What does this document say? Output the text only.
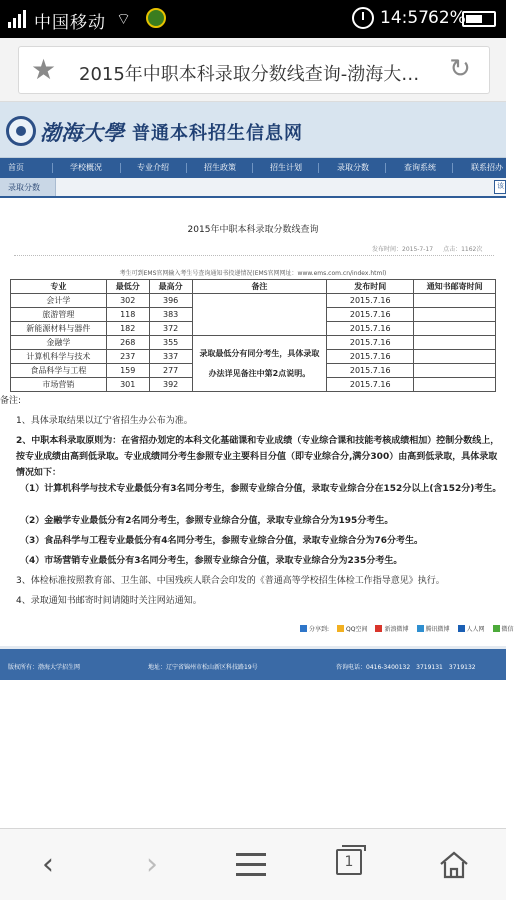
中国移动 ⌔	14:57 62%
★ 2015年中职本科录取分数线查询-渤海大…	↻
渤海大學 普通本科招生信息网
首页	学校概况	专业介绍	招生政策	招生计划	录取分数	查询系统	联系招办
录取分数	该
2015年中职本科录取分数线查询
发布时间：2015-7-17 点击：1162次
考生可到EMS官网输入考生号查询通知书投递情况(EMS官网网址：www.ems.com.cn/index.html)
专业	最低分	最高分	备注	发布时间	通知书邮寄时间
会计学	302	396		2015.7.16	
旅游管理	118	383		2015.7.16	
新能源材料与器件	182	372		2015.7.16	
金融学	268	355	录取最低分有同分考生，具体录取办法详见备注中第2点说明。	2015.7.16	
计算机科学与技术	237	337		2015.7.16	
食品科学与工程	159	277		2015.7.16	
市场营销	301	392		2015.7.16	
备注:
1、具体录取结果以辽宁省招生办公布为准。
2、中职本科录取原则为：在省招办划定的本科文化基础课和专业成绩（专业综合课和技能考核成绩相加）控制分数线上，按专业成绩由高到低录取。专业成绩同分考生参照专业主要科目分值（即专业综合分,满分300）由高到低录取，具体录取情况如下：
（1）计算机科学与技术专业最低分有3名同分考生，参照专业综合分值，录取专业综合分在152分以上(含152分)考生。
（2）金融学专业最低分有2名同分考生，参照专业综合分值，录取专业综合分为195分考生。
（3）食品科学与工程专业最低分有4名同分考生，参照专业综合分值，录取专业综合分为76分考生。
（4）市场营销专业最低分有3名同分考生，参照专业综合分值，录取专业综合分为235分考生。
3、体检标准按照教育部、卫生部、中国残疾人联合会印发的《普通高等学校招生体检工作指导意见》执行。
4、录取通知书邮寄时间请随时关注网站通知。
分享到:	QQ空间	新浪微博	腾讯微博	人人网	微信
版权所有：渤海大学招生网	地址：辽宁省锦州市松山新区科技路19号	咨询电话：0416-3400132　3719131　3719132
‹	›	1
